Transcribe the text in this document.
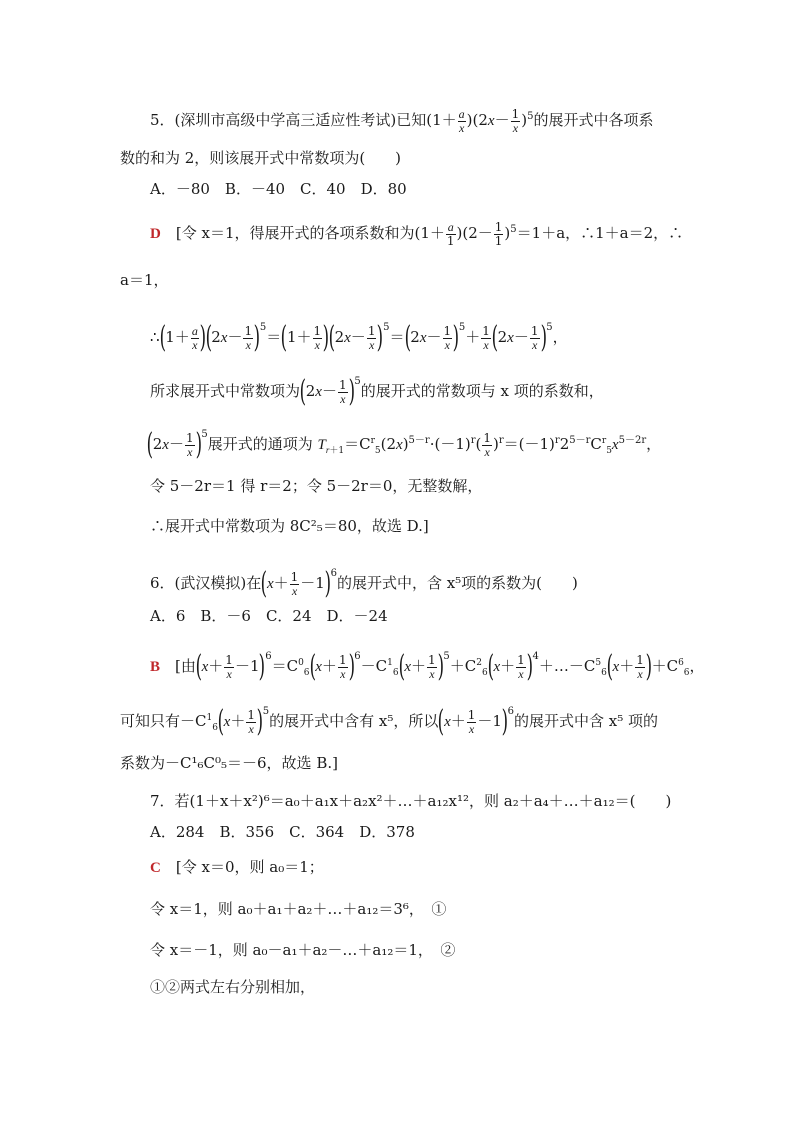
5．(深圳市高级中学高三适应性考试)已知$(1+ \frac{a}{x} )(2x- \frac{1}{x} )^5$的展开式中各项系
数的和为 2，则该展开式中常数项为(　　)
A．－80　B．－40　C．40　D．80
D　 [令 x＝1，得展开式的各项系数和为$(1+ \frac{a}{1} )(2- \frac{1}{1} )^5=1+a$，∴1＋a＝2，∴
a＝1，
∴(1＋ $\frac{a}{x} )(2x- \frac{1}{x} )^5=(1+ \frac{1}{x} )(2x- \frac{1}{x} )^5=(2x- \frac{1}{x} )^5+ \frac{1}{x} (2x- \frac{1}{x} )^5$，
所求展开式中常数项为$(2x- \frac{1}{x} )^5$的展开式的常数项与 x 项的系数和，
$(2x- \frac{1}{x} )^5$展开式的通项为 $T_{r+1}=C^r_5(2x)^{5-r}\cdot(-1)^r( \frac{1}{x} )^r=(-1)^r2^{5-r}C^r_5x^{5-2r}$，
令 5－2r＝1 得 r＝2；令 5－2r＝0，无整数解，
∴展开式中常数项为 8C²₅＝80，故选 D.]
6．(武汉模拟)在$(x+ \frac{1}{x} -1)^6$的展开式中，含 x⁵项的系数为(　　)
A．6　B．－6　C．24　D．－24
B　 [由$(x+ \frac{1}{x} -1)^6=C^0_6(x+ \frac{1}{x} )^6-C^1_6(x+ \frac{1}{x} )^5+C^2_6(x+ \frac{1}{x}$ )$^4+\dots-C^5_6(x+ \frac{1}{x} )+C^6_6$，
可知只有$-C^1_6(x+ \frac{1}{x} )^5$的展开式中含有 x⁵，所以$(x+ \frac{1}{x} -1)^6$的展开式中含 x⁵ 项的
系数为－C¹₆C⁰₅＝－6，故选 B.]
7．若(1＋x＋x²)⁶＝a₀＋a₁x＋a₂x²＋…＋a₁₂x¹²，则 a₂＋a₄＋…＋a₁₂＝(　　)
A．284　B．356　C．364　D．378
C　 [令 x＝0，则 a₀＝1；
令 x＝1，则 a₀＋a₁＋a₂＋…＋a₁₂＝3⁶，　①
令 x＝－1，则 a₀－a₁＋a₂－…＋a₁₂＝1，　②
①②两式左右分别相加，
